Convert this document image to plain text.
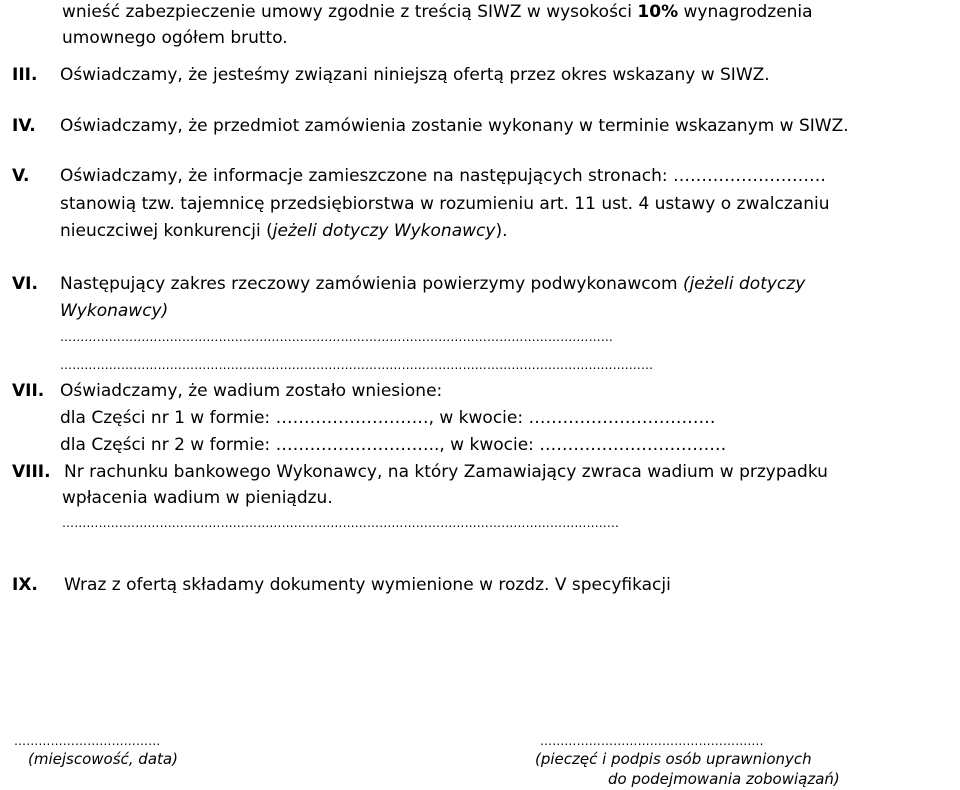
wnieść zabezpieczenie umowy zgodnie z treścią SIWZ w wysokości 10% wynagrodzenia
umownego ogółem brutto.
III. Oświadczamy, że jesteśmy związani niniejszą ofertą przez okres wskazany w SIWZ.
IV. Oświadczamy, że przedmiot zamówienia zostanie wykonany w terminie wskazanym w SIWZ.
V. Oświadczamy, że informacje zamieszczone na następujących stronach: ………………………
stanowią tzw. tajemnicę przedsiębiorstwa w rozumieniu art. 11 ust. 4 ustawy o zwalczaniu
nieuczciwej konkurencji (jeżeli dotyczy Wykonawcy).
VI. Następujący zakres rzeczowy zamówienia powierzymy podwykonawcom (jeżeli dotyczy
Wykonawcy)
…………………………………………………………………………………………………………….…………
……………………………………………………………………………………………………….…………..........……
VII. Oświadczamy, że wadium zostało wniesione:
dla Części nr 1 w formie: ………………………, w kwocie: ……………………………
dla Części nr 2 w formie: ……………………….., w kwocie: ……………………………
VIII. Nr rachunku bankowego Wykonawcy, na który Zamawiający zwraca wadium w przypadku
wpłacenia wadium w pieniądzu.
………………………………………………………………………………………………………………………..
IX. Wraz z ofertą składamy dokumenty wymienione w rozdz. V specyfikacji
………………………………
(miejscowość, data)
……………………………………………….
(pieczęć i podpis osób uprawnionych
do podejmowania zobowiązań)
